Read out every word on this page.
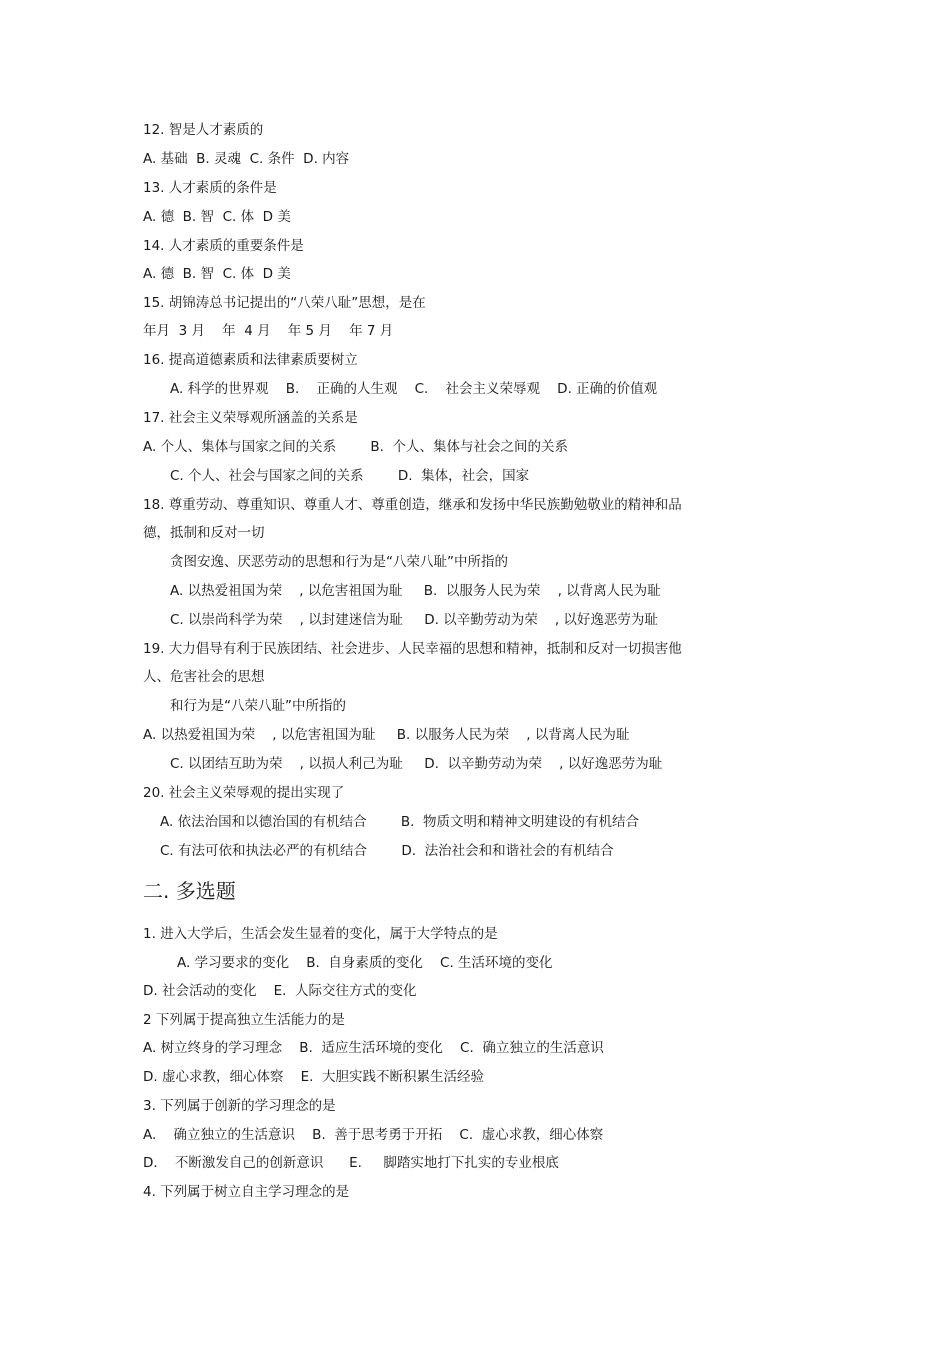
12. 智是人才素质的
A. 基础  B. 灵魂  C. 条件  D. 内容
13. 人才素质的条件是
A. 德  B. 智  C. 体  D 美
14. 人才素质的重要条件是
A. 德  B. 智  C. 体  D 美
15. 胡锦涛总书记提出的“八荣八耻”思想，是在
年月  3 月    年  4 月    年 5 月    年 7 月
16. 提高道德素质和法律素质要树立
A. 科学的世界观    B.    正确的人生观    C.    社会主义荣辱观    D. 正确的价值观
17. 社会主义荣辱观所涵盖的关系是
A. 个人、集体与国家之间的关系        B.  个人、集体与社会之间的关系
C. 个人、社会与国家之间的关系        D.  集体，社会，国家
18. 尊重劳动、尊重知识、尊重人才、尊重创造，继承和发扬中华民族勤勉敬业的精神和品
德，抵制和反对一切
贪图安逸、厌恶劳动的思想和行为是“八荣八耻”中所指的
A. 以热爱祖国为荣    , 以危害祖国为耻     B.  以服务人民为荣    , 以背离人民为耻
C. 以崇尚科学为荣    , 以封建迷信为耻     D. 以辛勤劳动为荣    , 以好逸恶劳为耻
19. 大力倡导有利于民族团结、社会进步、人民幸福的思想和精神，抵制和反对一切损害他
人、危害社会的思想
和行为是“八荣八耻”中所指的
A. 以热爱祖国为荣    , 以危害祖国为耻     B. 以服务人民为荣    , 以背离人民为耻
C. 以团结互助为荣    , 以损人利己为耻     D.  以辛勤劳动为荣    , 以好逸恶劳为耻
20. 社会主义荣辱观的提出实现了
A. 依法治国和以德治国的有机结合        B.  物质文明和精神文明建设的有机结合
C. 有法可依和执法必严的有机结合        D.  法治社会和和谐社会的有机结合
二. 多选题
1. 进入大学后，生活会发生显着的变化，属于大学特点的是
A. 学习要求的变化    B.  自身素质的变化    C. 生活环境的变化
D. 社会活动的变化    E.  人际交往方式的变化
2 下列属于提高独立生活能力的是
A. 树立终身的学习理念    B.  适应生活环境的变化    C.  确立独立的生活意识
D. 虚心求教，细心体察    E.  大胆实践不断积累生活经验
3. 下列属于创新的学习理念的是
A.    确立独立的生活意识    B.  善于思考勇于开拓    C.  虚心求教，细心体察
D.    不断激发自己的创新意识      E.     脚踏实地打下扎实的专业根底
4. 下列属于树立自主学习理念的是
